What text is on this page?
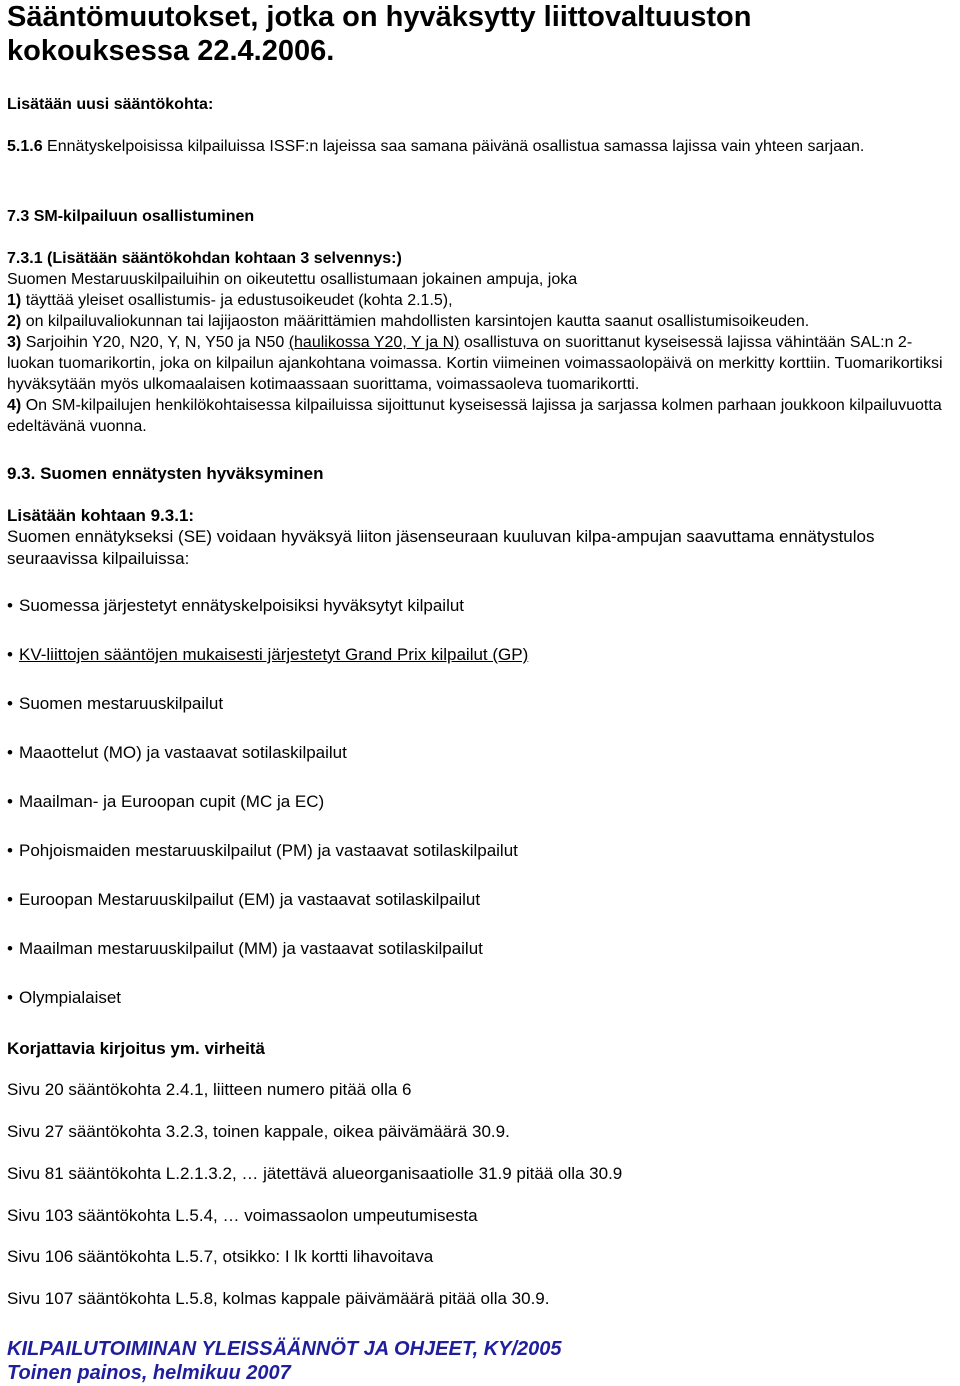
Sääntömuutokset, jotka on hyväksytty liittovaltuuston
kokouksessa 22.4.2006.
Lisätään uusi sääntökohta:
5.1.6 Ennätyskelpoisissa kilpailuissa ISSF:n lajeissa saa samana päivänä osallistua samassa lajissa vain yhteen sarjaan.
7.3 SM-kilpailuun osallistuminen
7.3.1 (Lisätään sääntökohdan kohtaan 3 selvennys:)
Suomen Mestaruuskilpailuihin on oikeutettu osallistumaan jokainen ampuja, joka
1) täyttää yleiset osallistumis- ja edustusoikeudet (kohta 2.1.5),
2) on kilpailuvaliokunnan tai lajijaoston määrittämien mahdollisten karsintojen kautta saanut osallistumisoikeuden.
3) Sarjoihin Y20, N20, Y, N, Y50 ja N50 (haulikossa Y20, Y ja N) osallistuva on suorittanut kyseisessä lajissa vähintään SAL:n 2-luokan tuomarikortin, joka on kilpailun ajankohtana voimassa. Kortin viimeinen voimassaolopäivä on merkitty korttiin. Tuomarikortiksi hyväksytään myös ulkomaalaisen kotimaassaan suorittama, voimassaoleva tuomarikortti.
4) On SM-kilpailujen henkilökohtaisessa kilpailuissa sijoittunut kyseisessä lajissa ja sarjassa kolmen parhaan joukkoon kilpailuvuotta edeltävänä vuonna.
9.3. Suomen ennätysten hyväksyminen
Lisätään kohtaan 9.3.1:
Suomen ennätykseksi (SE) voidaan hyväksyä liiton jäsenseuraan kuuluvan kilpa-ampujan saavuttama ennätystulos seuraavissa kilpailuissa:
• Suomessa järjestetyt ennätyskelpoisiksi hyväksytyt kilpailut
• KV-liittojen sääntöjen mukaisesti järjestetyt Grand Prix kilpailut (GP)
• Suomen mestaruuskilpailut
• Maaottelut (MO) ja vastaavat sotilaskilpailut
• Maailman- ja Euroopan cupit (MC ja EC)
• Pohjoismaiden mestaruuskilpailut (PM) ja vastaavat sotilaskilpailut
• Euroopan Mestaruuskilpailut (EM) ja vastaavat sotilaskilpailut
• Maailman mestaruuskilpailut (MM) ja vastaavat sotilaskilpailut
• Olympialaiset
Korjattavia kirjoitus ym. virheitä
Sivu 20 sääntökohta 2.4.1, liitteen numero pitää olla 6
Sivu 27 sääntökohta 3.2.3, toinen kappale, oikea päivämäärä 30.9.
Sivu 81 sääntökohta L.2.1.3.2, … jätettävä alueorganisaatiolle 31.9 pitää olla 30.9
Sivu 103 sääntökohta L.5.4, … voimassaolon umpeutumisesta
Sivu 106 sääntökohta L.5.7, otsikko: I lk kortti lihavoitava
Sivu 107 sääntökohta L.5.8, kolmas kappale päivämäärä pitää olla 30.9.
KILPAILUTOIMINAN YLEISSÄÄNNÖT JA OHJEET, KY/2005
Toinen painos, helmikuu 2007
